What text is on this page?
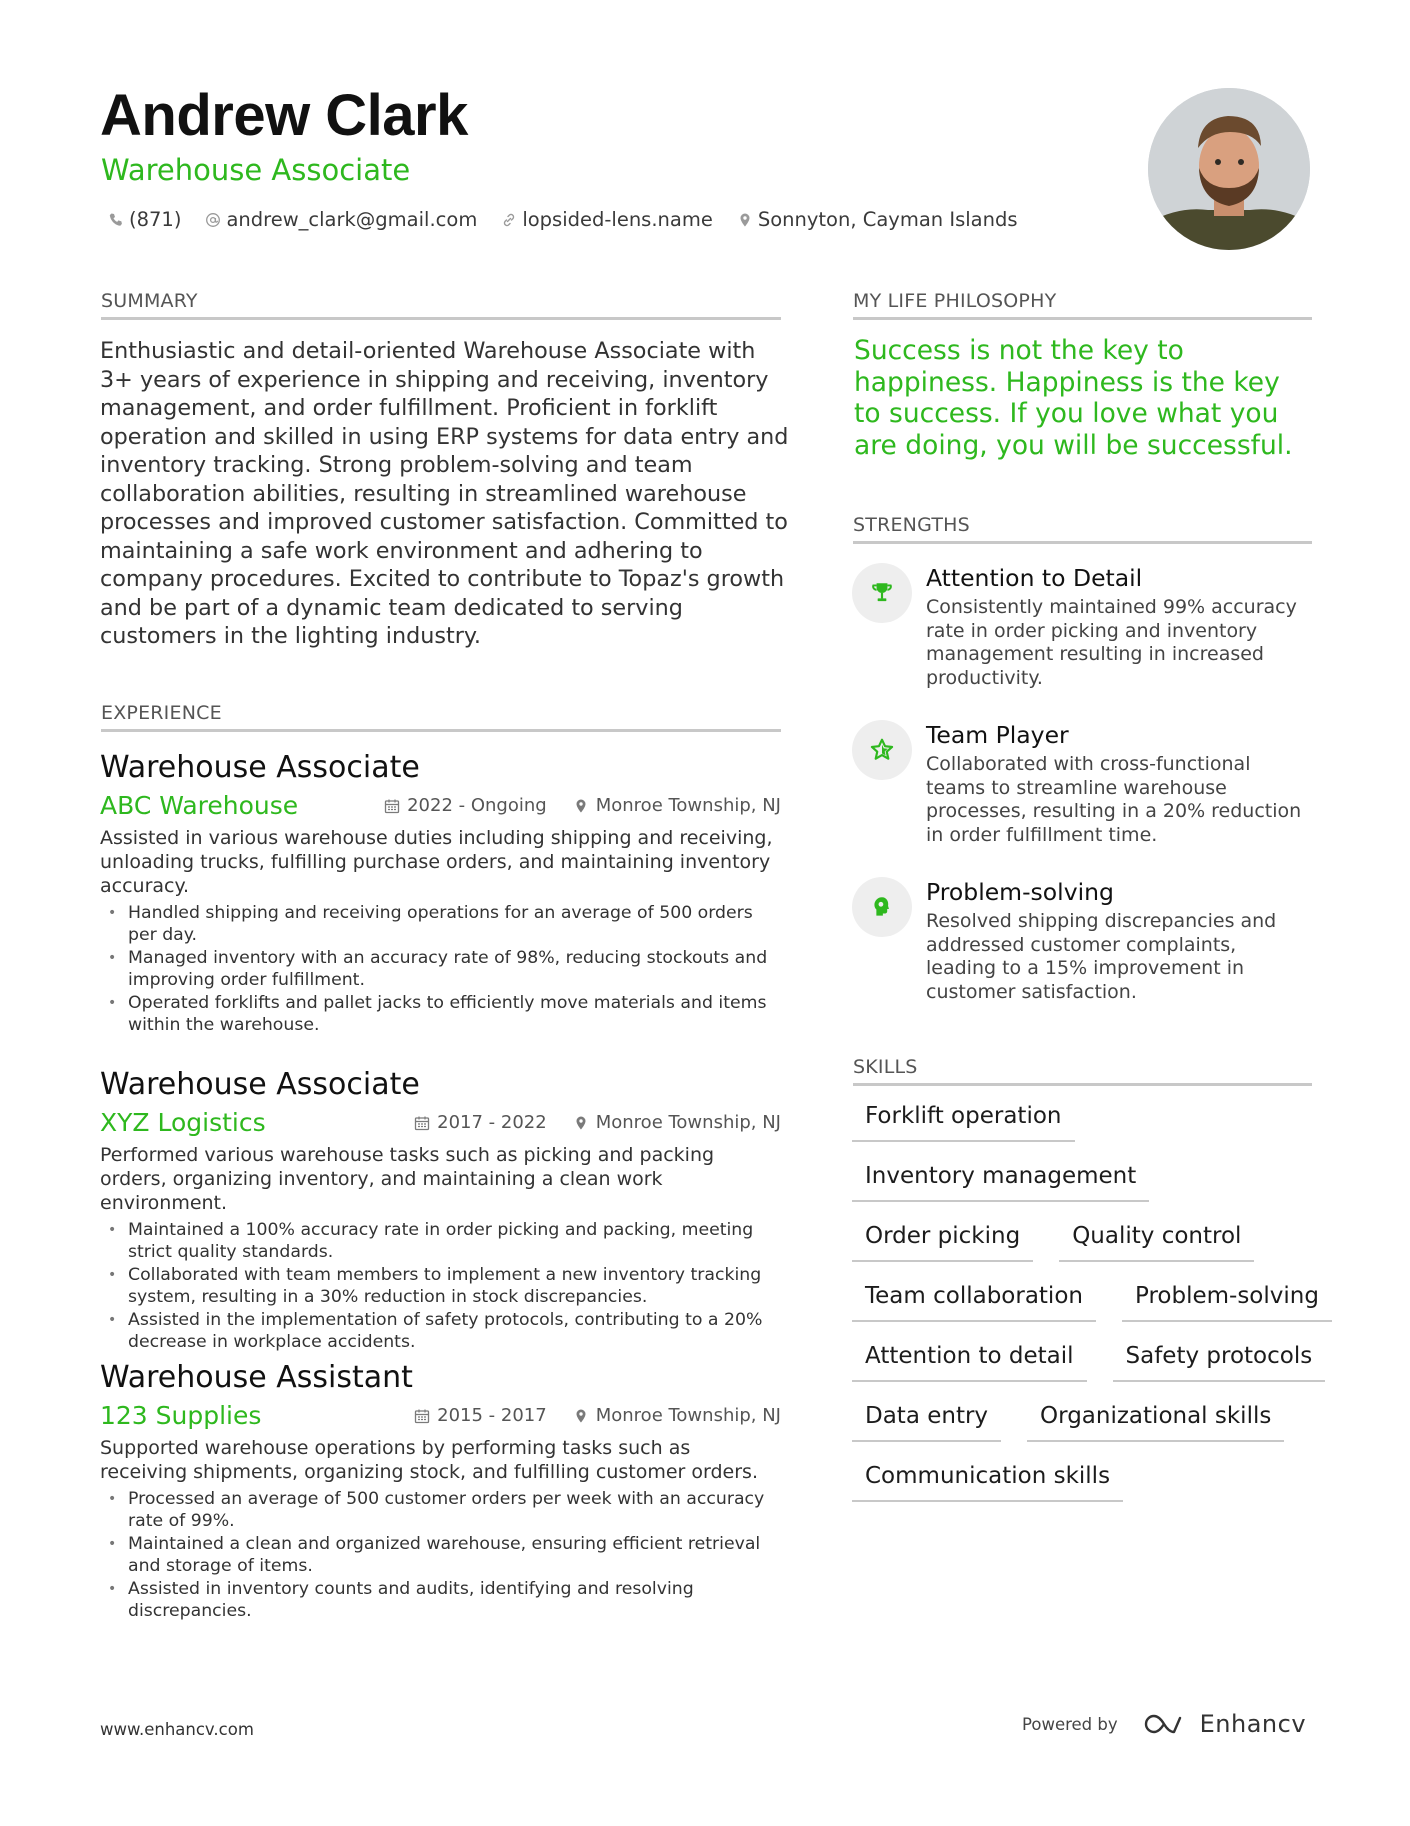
Andrew Clark
Warehouse Associate
(871) andrew_clark@gmail.com lopsided-lens.name Sonnyton, Cayman Islands
SUMMARY
Enthusiastic and detail-oriented Warehouse Associate with 3+ years of experience in shipping and receiving, inventory management, and order fulfillment. Proficient in forklift operation and skilled in using ERP systems for data entry and inventory tracking. Strong problem-solving and team collaboration abilities, resulting in streamlined warehouse processes and improved customer satisfaction. Committed to maintaining a safe work environment and adhering to company procedures. Excited to contribute to Topaz's growth and be part of a dynamic team dedicated to serving customers in the lighting industry.
EXPERIENCE
Warehouse Associate
ABC Warehouse	2022 - Ongoing	Monroe Township, NJ
Assisted in various warehouse duties including shipping and receiving, unloading trucks, fulfilling purchase orders, and maintaining inventory accuracy.
• Handled shipping and receiving operations for an average of 500 orders per day.
• Managed inventory with an accuracy rate of 98%, reducing stockouts and improving order fulfillment.
• Operated forklifts and pallet jacks to efficiently move materials and items within the warehouse.
Warehouse Associate
XYZ Logistics	2017 - 2022	Monroe Township, NJ
Performed various warehouse tasks such as picking and packing orders, organizing inventory, and maintaining a clean work environment.
• Maintained a 100% accuracy rate in order picking and packing, meeting strict quality standards.
• Collaborated with team members to implement a new inventory tracking system, resulting in a 30% reduction in stock discrepancies.
• Assisted in the implementation of safety protocols, contributing to a 20% decrease in workplace accidents.
Warehouse Assistant
123 Supplies	2015 - 2017	Monroe Township, NJ
Supported warehouse operations by performing tasks such as receiving shipments, organizing stock, and fulfilling customer orders.
• Processed an average of 500 customer orders per week with an accuracy rate of 99%.
• Maintained a clean and organized warehouse, ensuring efficient retrieval and storage of items.
• Assisted in inventory counts and audits, identifying and resolving discrepancies.
MY LIFE PHILOSOPHY
Success is not the key to happiness. Happiness is the key to success. If you love what you are doing, you will be successful.
STRENGTHS
Attention to Detail
Consistently maintained 99% accuracy rate in order picking and inventory management resulting in increased productivity.
Team Player
Collaborated with cross-functional teams to streamline warehouse processes, resulting in a 20% reduction in order fulfillment time.
Problem-solving
Resolved shipping discrepancies and addressed customer complaints, leading to a 15% improvement in customer satisfaction.
SKILLS
Forklift operation
Inventory management
Order picking	Quality control
Team collaboration	Problem-solving
Attention to detail	Safety protocols
Data entry	Organizational skills
Communication skills
www.enhancv.com	Powered by	Enhancv
